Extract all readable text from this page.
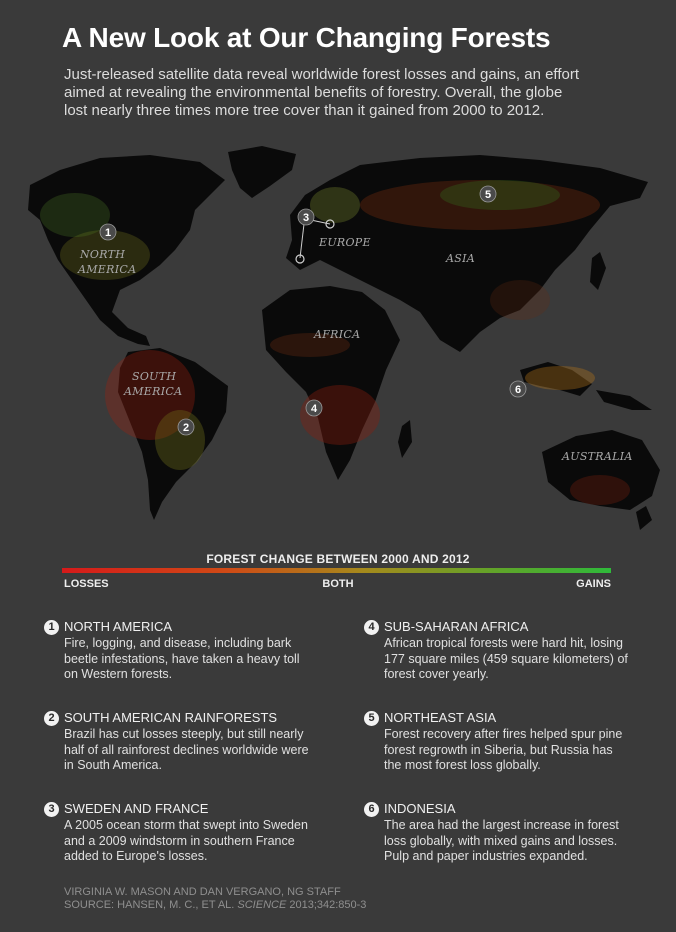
A New Look at Our Changing Forests
Just-released satellite data reveal worldwide forest losses and gains, an effort aimed at revealing the environmental benefits of forestry. Overall, the globe lost nearly three times more tree cover than it gained from 2000 to 2012.
NORTH
AMERICA
SOUTH
AMERICA
EUROPE
AFRICA
ASIA
AUSTRALIA
1
2
3
4
5
6
FOREST CHANGE BETWEEN 2000 AND 2012
LOSSES	BOTH	GAINS
1 NORTH AMERICA
Fire, logging, and disease, including bark beetle infestations, have taken a heavy toll on Western forests.
2 SOUTH AMERICAN RAINFORESTS
Brazil has cut losses steeply, but still nearly half of all rainforest declines worldwide were in South America.
3 SWEDEN AND FRANCE
A 2005 ocean storm that swept into Sweden and a 2009 windstorm in southern France added to Europe's losses.
4 SUB-SAHARAN AFRICA
African tropical forests were hard hit, losing 177 square miles (459 square kilometers) of forest cover yearly.
5 NORTHEAST ASIA
Forest recovery after fires helped spur pine forest regrowth in Siberia, but Russia has the most forest loss globally.
6 INDONESIA
The area had the largest increase in forest loss globally, with mixed gains and losses. Pulp and paper industries expanded.
VIRGINIA W. MASON AND DAN VERGANO, NG STAFF
SOURCE: HANSEN, M. C., ET AL. SCIENCE 2013;342:850-3
